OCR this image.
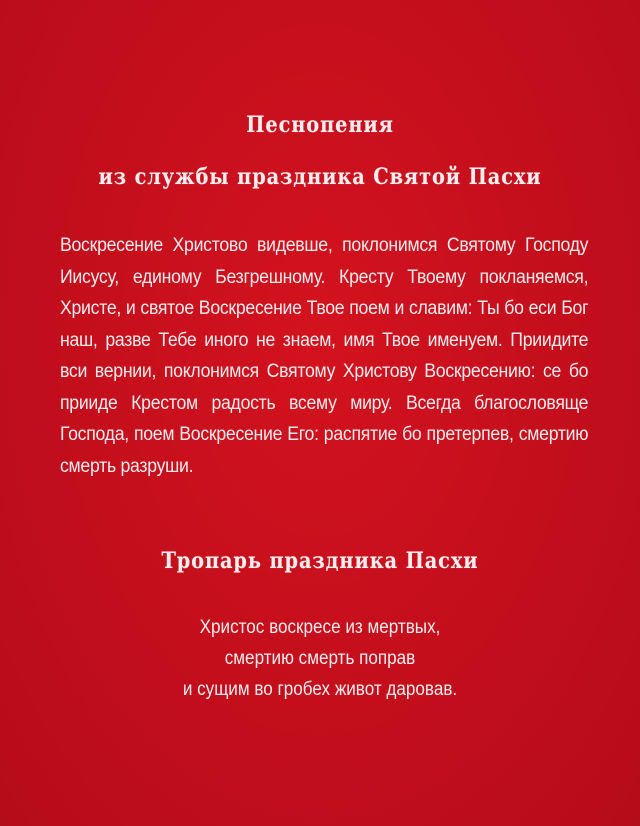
Песнопения
из службы праздника Святой Пасхи
Воскресение Христово видевше, поклонимся Святому Господу Иисусу, единому Безгрешному. Кресту Твоему покланяемся, Христе, и святое Воскресение Твое поем и славим: Ты бо еси Бог наш, разве Тебе иного не знаем, имя Твое именуем. Приидите вси вернии, поклонимся Святому Христову Воскресению: се бо прииде Крестом радость всему миру. Всегда благословяще Господа, поем Воскресение Его: распятие бо претерпев, смертию смерть разруши.
Тропарь праздника Пасхи
Христос воскресе из мертвых,
смертию смерть поправ
и сущим во гробех живот даровав.
